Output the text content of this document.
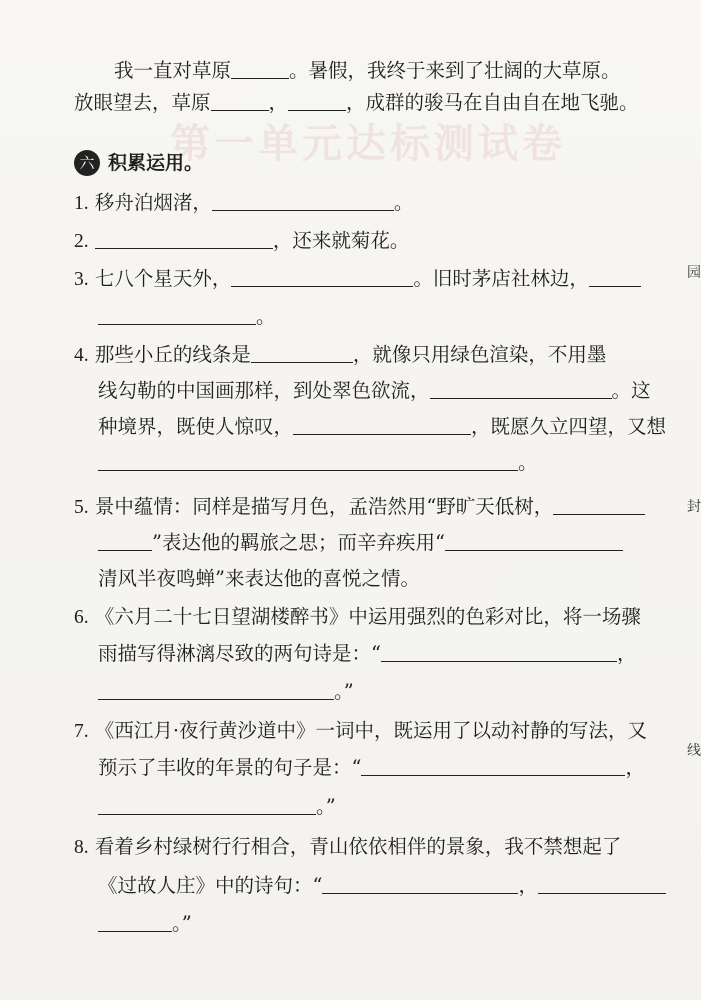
第一单元达标测试卷
园
封
线
我一直对草原	。暑假，我终于来到了壮阔的大草原。
放眼望去，草原	，	，成群的骏马在自由自在地飞驰。
六 积累运用。
1. 移舟泊烟渚，	。
2.	，还来就菊花。
3. 七八个星天外，	。旧时茅店社林边，
。
4. 那些小丘的线条是	，就像只用绿色渲染，不用墨
线勾勒的中国画那样，到处翠色欲流，	。这
种境界，既使人惊叹，	，既愿久立四望，又想
。
5. 景中蕴情：同样是描写月色，孟浩然用“野旷天低树，
”表达他的羁旅之思；而辛弃疾用“
清风半夜鸣蝉”来表达他的喜悦之情。
6. 《六月二十七日望湖楼醉书》中运用强烈的色彩对比，将一场骤
雨描写得淋漓尽致的两句诗是：“	，
。”
7. 《西江月·夜行黄沙道中》一词中，既运用了以动衬静的写法，又
预示了丰收的年景的句子是：“	，
。”
8. 看着乡村绿树行行相合，青山依依相伴的景象，我不禁想起了
《过故人庄》中的诗句：“	，
。”
